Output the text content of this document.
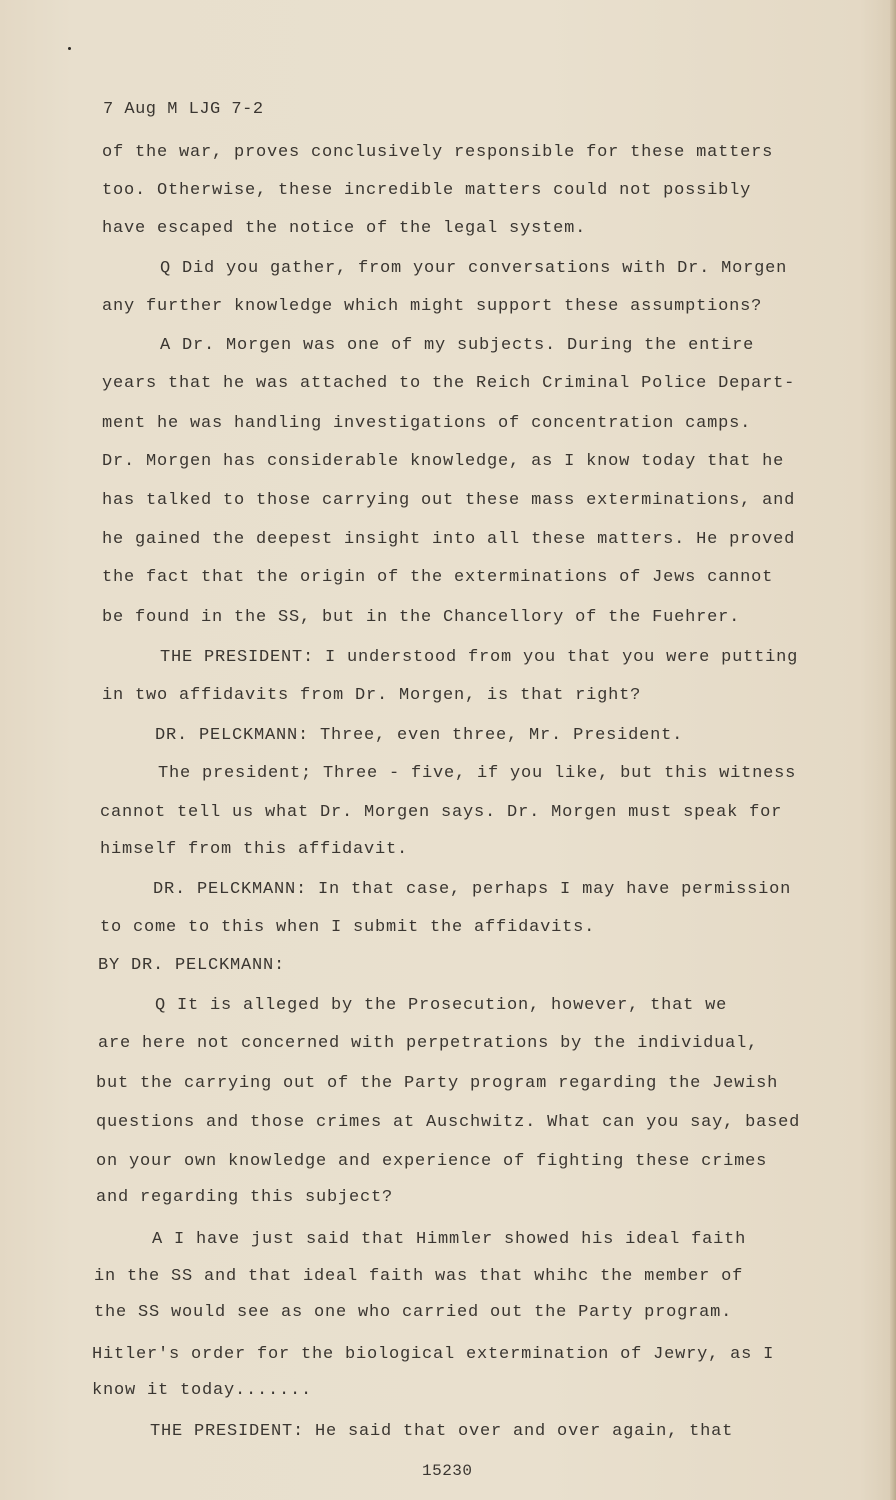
7 Aug M LJG 7-2
of the war, proves conclusively responsible for these matters
too. Otherwise, these incredible matters could not possibly
have escaped the notice of the legal system.
Q Did you gather, from your conversations with Dr. Morgen
any further knowledge which might support these assumptions?
A Dr. Morgen was one of my subjects. During the entire
years that he was attached to the Reich Criminal Police Depart-
ment he was handling investigations of concentration camps.
Dr. Morgen has considerable knowledge, as I know today that he
has talked to those carrying out these mass exterminations, and
he gained the deepest insight into all these matters. He proved
the fact that the origin of the exterminations of Jews cannot
be found in the SS, but in the Chancellory of the Fuehrer.
THE PRESIDENT: I understood from you that you were putting
in two affidavits from Dr. Morgen, is that right?
DR. PELCKMANN: Three, even three, Mr. President.
The president; Three - five, if you like, but this witness
cannot tell us what Dr. Morgen says. Dr. Morgen must speak for
himself from this affidavit.
DR. PELCKMANN: In that case, perhaps I may have permission
to come to this when I submit the affidavits.
BY DR. PELCKMANN:
Q It is alleged by the Prosecution, however, that we
are here not concerned with perpetrations by the individual,
but the carrying out of the Party program regarding the Jewish
questions and those crimes at Auschwitz. What can you say, based
on your own knowledge and experience of fighting these crimes
and regarding this subject?
A I have just said that Himmler showed his ideal faith
in the SS and that ideal faith was that whihc the member of
the SS would see as one who carried out the Party program.
Hitler's order for the biological extermination of Jewry, as I
know it today.......
THE PRESIDENT: He said that over and over again, that
15230
